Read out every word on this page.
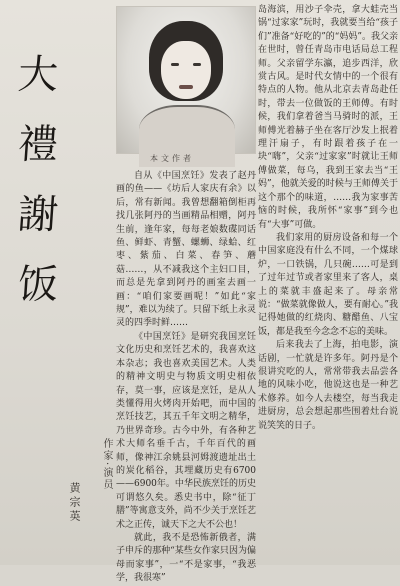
大
禮
謝
饭
作家·演员
黄宗英
本文作者

自从《中国烹饪》发表了赵丹画的鱼——《坊后人家庆有余》以后，常有新闻。我曾想翻箱倒柜再找几张阿丹的当画精品相赠，阿丹生前，逢年家，每每老娘数碟同话鱼、鲜虾、青蟹、螺蛳、绿蛤、红枣、紫茄、白菜、春笋、蘑菇……，从不减我这个主妇口目，而总是先拿到阿丹的画室去画一画：“咱们家要画呢！”如此“家规”，难以为续了。只留下纸上永灵灵的四季时鲜……

《中国烹饪》是研究我国烹饪文化历史和烹饪艺术的，我喜欢这本杂志；我也喜欢美国艺术。人类的精神文明史与物质文明史相依存，莫一事，应该是烹饪，是从人类懂得用火烤肉开始吧，而中国的烹饪技艺，其五千年文明之精华，乃世界奇珍。古今中外，有各种艺术大师名垂千古，千年百代的画师，像神江余姚县河姆渡遗址出土的炭化稻谷，其埋藏历史有6700——6900年。中华民族烹饪的历史可谓悠久矣。悉史书中，除“征丁膳”等寓意支外，尚不少关于烹饪艺术之正传，诚天下之大不公也！

就此，我不是恐怖新俄者，满子申斥的那种“某些女作家只因为偏母而家事”，一“不是家事，“我恶学，我很寒”

岛海滨，用沙子伞壳，拿大蛙壳当锅“过家家”玩时，我就要当给“孩子们”准备“好吃的”的“妈妈”。我父亲在世时，曾任青岛市电话局总工程师。父亲留学东瀛，追步西洋，欣赏古风。是时代女情中的一个很有特点的人物。他从北京去青岛赴任时，带去一位做饭的王师傅。有时候，我们拿着爸当马骑时的派，王师傅光着赫子坐在客厅沙发上抿着理汗扇子，有时跟着孩子在一块“嗨”，父亲“过家家”时就让王师傅做菜，每乌，我到王家去当“王妈”，他就关爱的时候与王师傅关于这个那个的味道，……我为家事苦恼的时候，我所怀“家事”到今也有“大事”可做。

我们家用的厨房设备和每一个中国家庭没有什么不同，一个煤球炉，一口铁锅，几只碗……可是到了过年过节或者家里来了客人，桌上的菜就丰盛起来了。母亲常说：“做菜就像做人，要有耐心。”我记得她做的红烧肉、糖醋鱼、八宝饭，都是我至今念念不忘的美味。

后来我去了上海，拍电影，演话剧，一忙就是许多年。阿丹是个很讲究吃的人，常常带我去品尝各地的风味小吃，他说这也是一种艺术修养。如今人去楼空，每当我走进厨房，总会想起那些围着灶台说说笑笑的日子。
